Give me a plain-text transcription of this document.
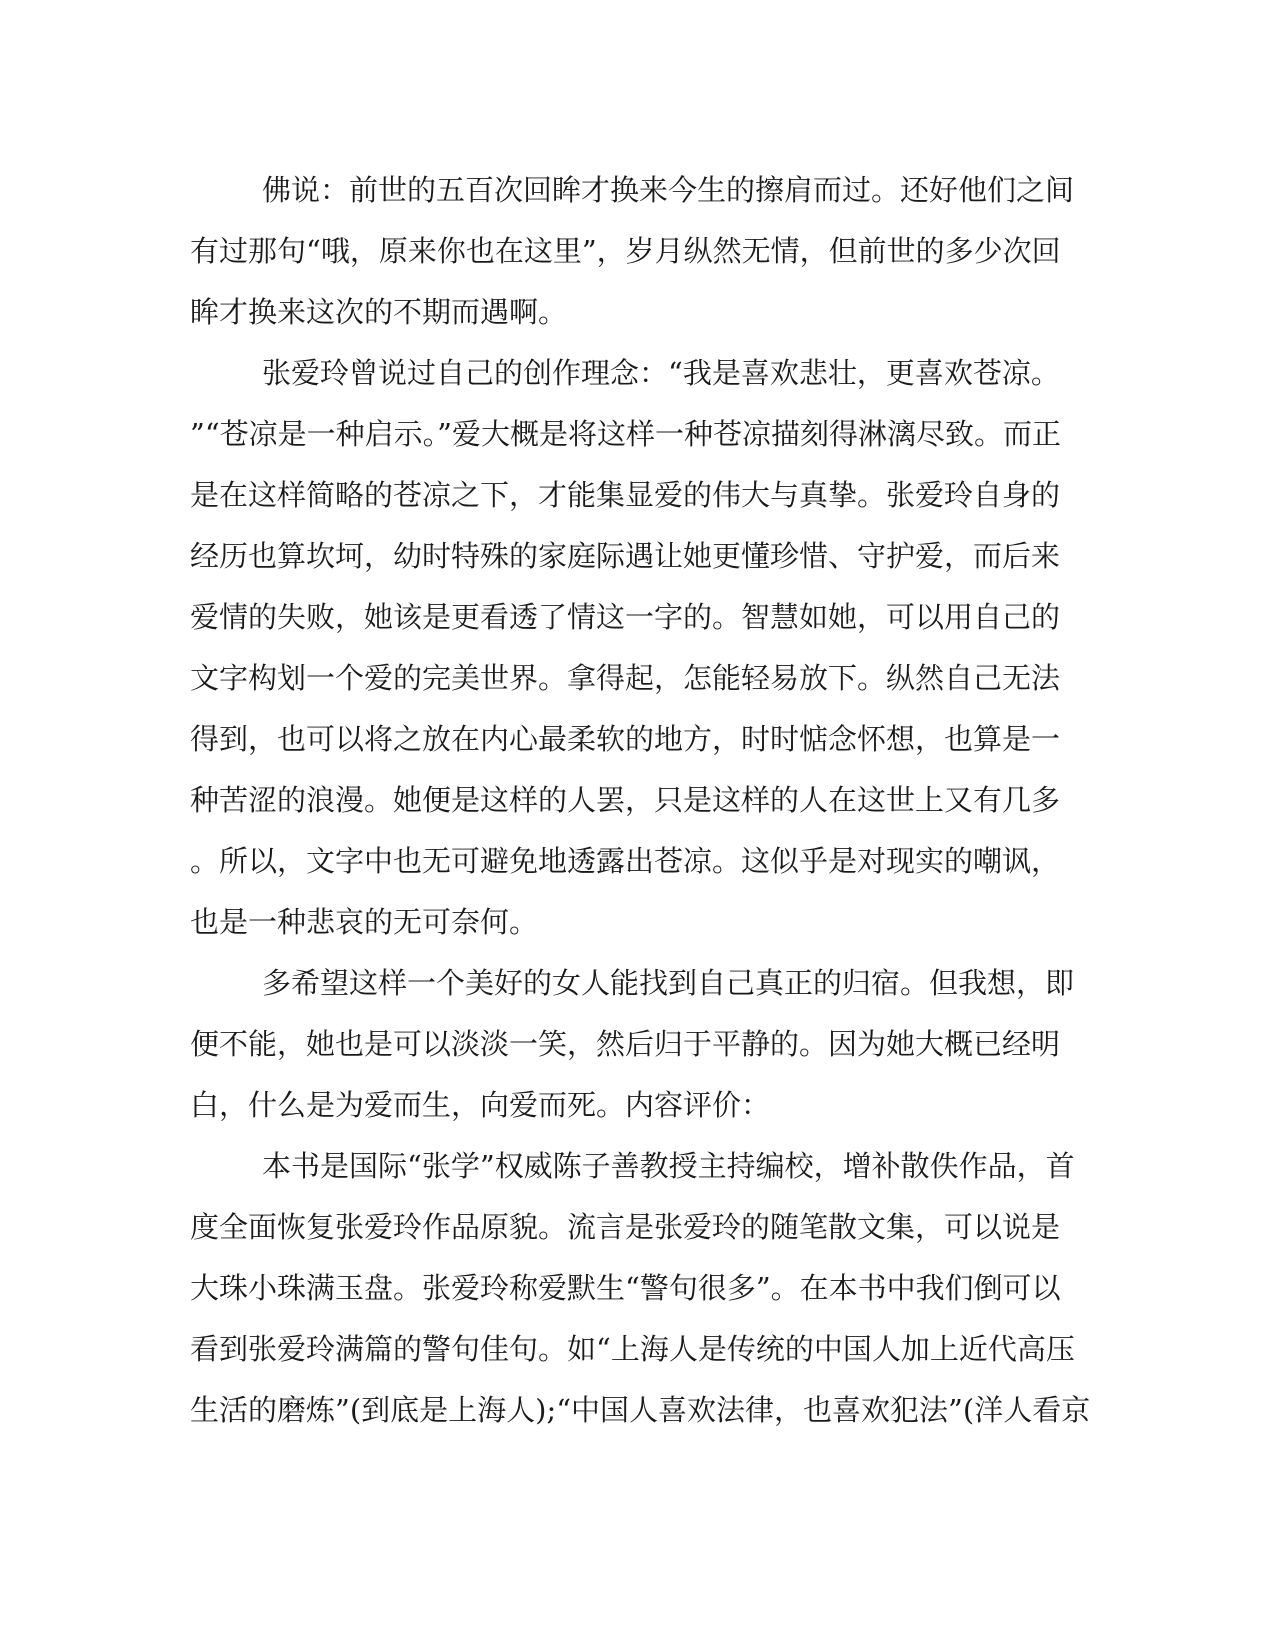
佛说：前世的五百次回眸才换来今生的擦肩而过。还好他们之间
有过那句“哦，原来你也在这里”，岁月纵然无情，但前世的多少次回
眸才换来这次的不期而遇啊。
张爱玲曾说过自己的创作理念：“我是喜欢悲壮，更喜欢苍凉。
”“苍凉是一种启示。”爱大概是将这样一种苍凉描刻得淋漓尽致。而正
是在这样简略的苍凉之下，才能集显爱的伟大与真挚。张爱玲自身的
经历也算坎坷，幼时特殊的家庭际遇让她更懂珍惜、守护爱，而后来
爱情的失败，她该是更看透了情这一字的。智慧如她，可以用自己的
文字构划一个爱的完美世界。拿得起，怎能轻易放下。纵然自己无法
得到，也可以将之放在内心最柔软的地方，时时惦念怀想，也算是一
种苦涩的浪漫。她便是这样的人罢，只是这样的人在这世上又有几多
。所以，文字中也无可避免地透露出苍凉。这似乎是对现实的嘲讽，
也是一种悲哀的无可奈何。
多希望这样一个美好的女人能找到自己真正的归宿。但我想，即
便不能，她也是可以淡淡一笑，然后归于平静的。因为她大概已经明
白，什么是为爱而生，向爱而死。内容评价：
本书是国际“张学”权威陈子善教授主持编校，增补散佚作品，首
度全面恢复张爱玲作品原貌。流言是张爱玲的随笔散文集，可以说是
大珠小珠满玉盘。张爱玲称爱默生“警句很多”。在本书中我们倒可以
看到张爱玲满篇的警句佳句。如“上海人是传统的中国人加上近代高压
生活的磨炼”(到底是上海人);“中国人喜欢法律，也喜欢犯法”(洋人看京
